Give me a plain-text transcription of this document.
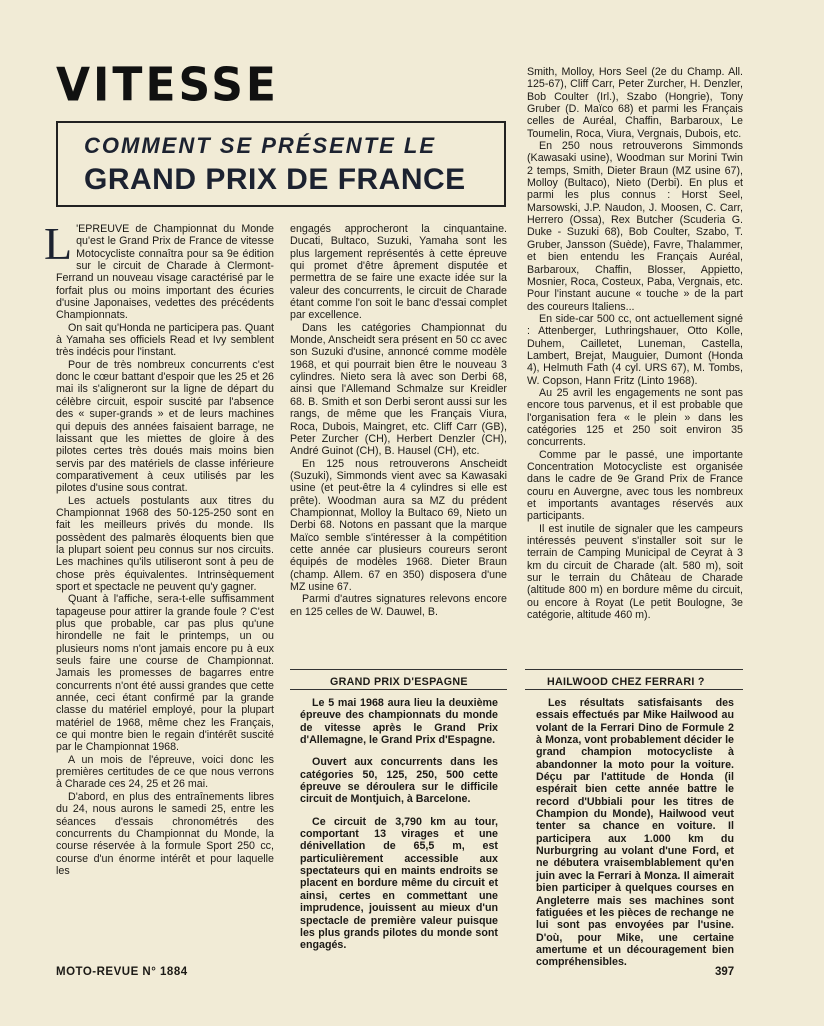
VITESSE
COMMENT SE PRÉSENTE LE
GRAND PRIX DE FRANCE

L 'EPREUVE de Championnat du Monde qu'est le Grand Prix de France de vitesse Motocycliste connaîtra pour sa 9e édition sur le circuit de Charade à Clermont-Ferrand un nouveau visage caractérisé par le forfait plus ou moins important des écuries d'usine Japonaises, vedettes des précédents Championnats.

On sait qu'Honda ne participera pas. Quant à Yamaha ses officiels Read et Ivy semblent très indécis pour l'instant.

Pour de très nombreux concurrents c'est donc le cœur battant d'espoir que les 25 et 26 mai ils s'aligneront sur la ligne de départ du célèbre circuit, espoir suscité par l'absence des « super-grands » et de leurs machines qui depuis des années faisaient barrage, ne laissant que les miettes de gloire à des pilotes certes très doués mais moins bien servis par des matériels de classe inférieure comparativement à ceux utilisés par les pilotes d'usine sous contrat.

Les actuels postulants aux titres du Championnat 1968 des 50-125-250 sont en fait les meilleurs privés du monde. Ils possèdent des palmarès éloquents bien que la plupart soient peu connus sur nos circuits. Les machines qu'ils utiliseront sont à peu de chose près équivalentes. Intrinsèquement sport et spectacle ne peuvent qu'y gagner.

Quant à l'affiche, sera-t-elle suffisamment tapageuse pour attirer la grande foule ? C'est plus que probable, car pas plus qu'une hirondelle ne fait le printemps, un ou plusieurs noms n'ont jamais encore pu à eux seuls faire une course de Championnat. Jamais les promesses de bagarres entre concurrents n'ont été aussi grandes que cette année, ceci étant confirmé par la grande classe du matériel employé, pour la plupart matériel de 1968, même chez les Français, ce qui montre bien le regain d'intérêt suscité par le Championnat 1968.

A un mois de l'épreuve, voici donc les premières certitudes de ce que nous verrons à Charade ces 24, 25 et 26 mai.

D'abord, en plus des entraînements libres du 24, nous aurons le samedi 25, entre les séances d'essais chronométrés des concurrents du Championnat du Monde, la course réservée à la formule Sport 250 cc, course d'un énorme intérêt et pour laquelle les

engagés approcheront la cinquantaine. Ducati, Bultaco, Suzuki, Yamaha sont les plus largement représentés à cette épreuve qui promet d'être âprement disputée et permettra de se faire une exacte idée sur la valeur des concurrents, le circuit de Charade étant comme l'on soit le banc d'essai complet par excellence.

Dans les catégories Championnat du Monde, Anscheidt sera présent en 50 cc avec son Suzuki d'usine, annoncé comme modèle 1968, et qui pourrait bien être le nouveau 3 cylindres. Nieto sera là avec son Derbi 68, ainsi que l'Allemand Schmalze sur Kreidler 68. B. Smith et son Derbi seront aussi sur les rangs, de même que les Français Viura, Roca, Dubois, Maingret, etc. Cliff Carr (GB), Peter Zurcher (CH), Herbert Denzler (CH), André Guinot (CH), B. Hausel (CH), etc.

En 125 nous retrouverons Anscheidt (Suzuki), Simmonds vient avec sa Kawasaki usine (et peut-être la 4 cylindres si elle est prête). Woodman aura sa MZ du prédent Championnat, Molloy la Bultaco 69, Nieto un Derbi 68. Notons en passant que la marque Maïco semble s'intéresser à la compétition cette année car plusieurs coureurs seront équipés de modèles 1968. Dieter Braun (champ. Allem. 67 en 350) disposera d'une MZ usine 67.

Parmi d'autres signatures relevons encore en 125 celles de W. Dauwel, B.

Smith, Molloy, Hors Seel (2e du Champ. All. 125-67), Cliff Carr, Peter Zurcher, H. Denzler, Bob Coulter (Irl.), Szabo (Hongrie), Tony Gruber (D. Maïco 68) et parmi les Français celles de Auréal, Chaffin, Barbaroux, Le Toumelin, Roca, Viura, Vergnais, Dubois, etc.

En 250 nous retrouverons Simmonds (Kawasaki usine), Woodman sur Morini Twin 2 temps, Smith, Dieter Braun (MZ usine 67), Molloy (Bultaco), Nieto (Derbi). En plus et parmi les plus connus : Horst Seel, Marsowski, J.P. Naudon, J. Moosen, C. Carr, Herrero (Ossa), Rex Butcher (Scuderia G. Duke - Suzuki 68), Bob Coulter, Szabo, T. Gruber, Jansson (Suède), Favre, Thalammer, et bien entendu les Français Auréal, Barbaroux, Chaffin, Blosser, Appietto, Mosnier, Roca, Costeux, Paba, Vergnais, etc. Pour l'instant aucune « touche » de la part des coureurs Italiens...

En side-car 500 cc, ont actuellement signé : Attenberger, Luthringshauer, Otto Kolle, Duhem, Cailletet, Luneman, Castella, Lambert, Brejat, Mauguier, Dumont (Honda 4), Helmuth Fath (4 cyl. URS 67), M. Tombs, W. Copson, Hann Fritz (Linto 1968).

Au 25 avril les engagements ne sont pas encore tous parvenus, et il est probable que l'organisation fera « le plein » dans les catégories 125 et 250 soit environ 35 concurrents.

Comme par le passé, une importante Concentration Motocycliste est organisée dans le cadre de 9e Grand Prix de France couru en Auvergne, avec tous les nombreux et importants avantages réservés aux participants.

Il est inutile de signaler que les campeurs intéressés peuvent s'installer soit sur le terrain de Camping Municipal de Ceyrat à 3 km du circuit de Charade (alt. 580 m), soit sur le terrain du Château de Charade (altitude 800 m) en bordure même du circuit, ou encore à Royat (Le petit Boulogne, 3e catégorie, altitude 460 m).

GRAND PRIX D'ESPAGNE	HAILWOOD CHEZ FERRARI ?

Le 5 mai 1968 aura lieu la deuxième épreuve des championnats du monde de vitesse après le Grand Prix d'Allemagne, le Grand Prix d'Espagne.

Ouvert aux concurrents dans les catégories 50, 125, 250, 500 cette épreuve se déroulera sur le difficile circuit de Montjuich, à Barcelone.

Ce circuit de 3,790 km au tour, comportant 13 virages et une dénivellation de 65,5 m, est particulièrement accessible aux spectateurs qui en maints endroits se placent en bordure même du circuit et ainsi, certes en commettant une imprudence, jouissent au mieux d'un spectacle de première valeur puisque les plus grands pilotes du monde sont engagés.

Les résultats satisfaisants des essais effectués par Mike Hailwood au volant de la Ferrari Dino de Formule 2 à Monza, vont probablement décider le grand champion motocycliste à abandonner la moto pour la voiture. Déçu par l'attitude de Honda (il espérait bien cette année battre le record d'Ubbiali pour les titres de Champion du Monde), Hailwood veut tenter sa chance en voiture. Il participera aux 1.000 km du Nurburgring au volant d'une Ford, et ne débutera vraisemblablement qu'en juin avec la Ferrari à Monza. Il aimerait bien participer à quelques courses en Angleterre mais ses machines sont fatiguées et les pièces de rechange ne lui sont pas envoyées par l'usine. D'où, pour Mike, une certaine amertume et un découragement bien compréhensibles.

MOTO-REVUE N° 1884	397
